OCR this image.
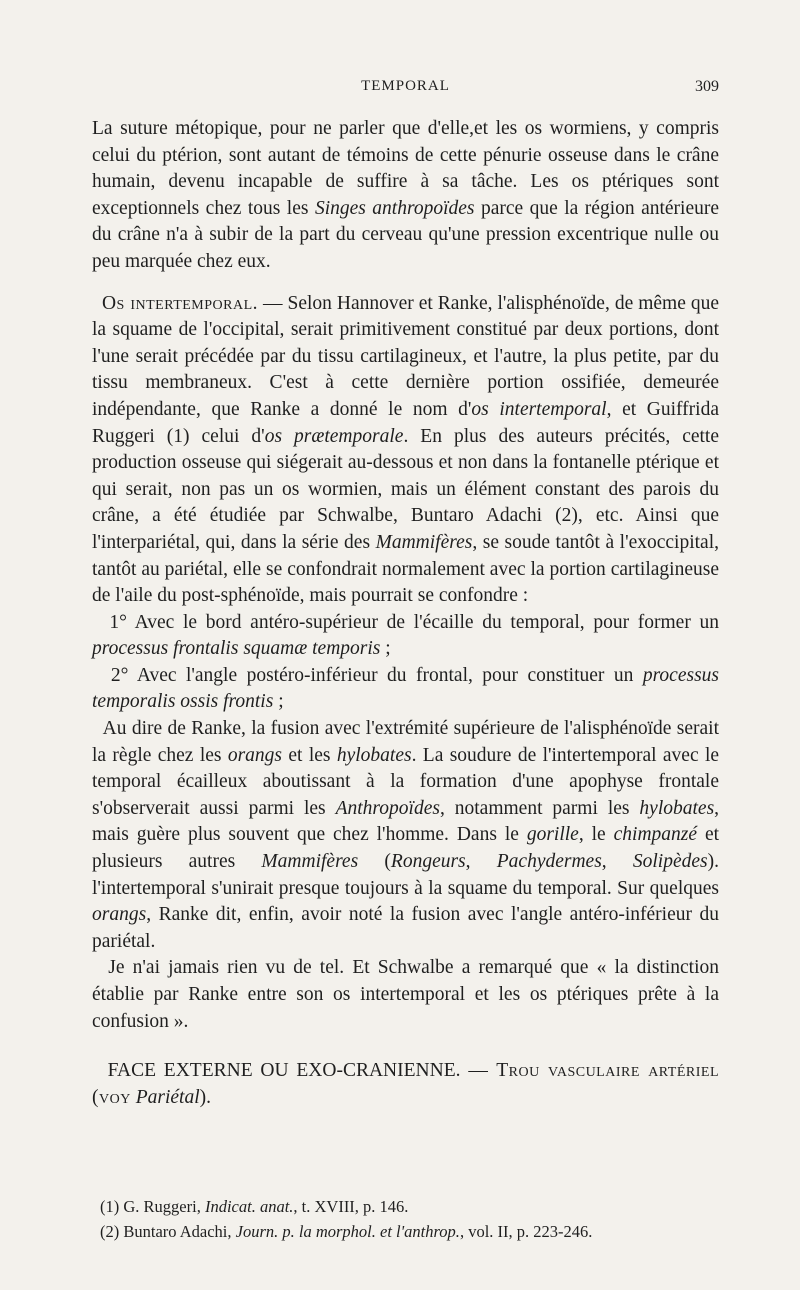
TEMPORAL	309

La suture métopique, pour ne parler que d'elle,et les os wormiens, y compris celui du ptérion, sont autant de témoins de cette pénurie osseuse dans le crâne humain, devenu incapable de suffire à sa tâche. Les os ptériques sont exceptionnels chez tous les Singes anthropoïdes parce que la région antérieure du crâne n'a à subir de la part du cerveau qu'une pression excentrique nulle ou peu marquée chez eux.

Os intertemporal. — Selon Hannover et Ranke, l'alisphénoïde, de même que la squame de l'occipital, serait primitivement constitué par deux portions, dont l'une serait précédée par du tissu cartilagineux, et l'autre, la plus petite, par du tissu membraneux. C'est à cette dernière portion ossifiée, demeurée indépendante, que Ranke a donné le nom d'os intertemporal, et Guiffrida Ruggeri (1) celui d'os prætemporale. En plus des auteurs précités, cette production osseuse qui siégerait au-dessous et non dans la fontanelle ptérique et qui serait, non pas un os wormien, mais un élément constant des parois du crâne, a été étudiée par Schwalbe, Buntaro Adachi (2), etc. Ainsi que l'interpariétal, qui, dans la série des Mammifères, se soude tantôt à l'exoccipital, tantôt au pariétal, elle se confondrait normalement avec la portion cartilagineuse de l'aile du post-sphénoïde, mais pourrait se confondre :

1° Avec le bord antéro-supérieur de l'écaille du temporal, pour former un processus frontalis squamæ temporis ;

2° Avec l'angle postéro-inférieur du frontal, pour constituer un processus temporalis ossis frontis ;

Au dire de Ranke, la fusion avec l'extrémité supérieure de l'alisphénoïde serait la règle chez les orangs et les hylobates. La soudure de l'intertemporal avec le temporal écailleux aboutissant à la formation d'une apophyse frontale s'observerait aussi parmi les Anthropoïdes, notamment parmi les hylobates, mais guère plus souvent que chez l'homme. Dans le gorille, le chimpanzé et plusieurs autres Mammifères (Rongeurs, Pachydermes, Solipèdes). l'intertemporal s'unirait presque toujours à la squame du temporal. Sur quelques orangs, Ranke dit, enfin, avoir noté la fusion avec l'angle antéro-inférieur du pariétal.

Je n'ai jamais rien vu de tel. Et Schwalbe a remarqué que « la distinction établie par Ranke entre son os intertemporal et les os ptériques prête à la confusion ».

FACE EXTERNE OU EXO-CRANIENNE. — Trou vasculaire artériel (voy Pariétal).

(1) G. Ruggeri, Indicat. anat., t. XVIII, p. 146.

(2) Buntaro Adachi, Journ. p. la morphol. et l'anthrop., vol. II, p. 223-246.
